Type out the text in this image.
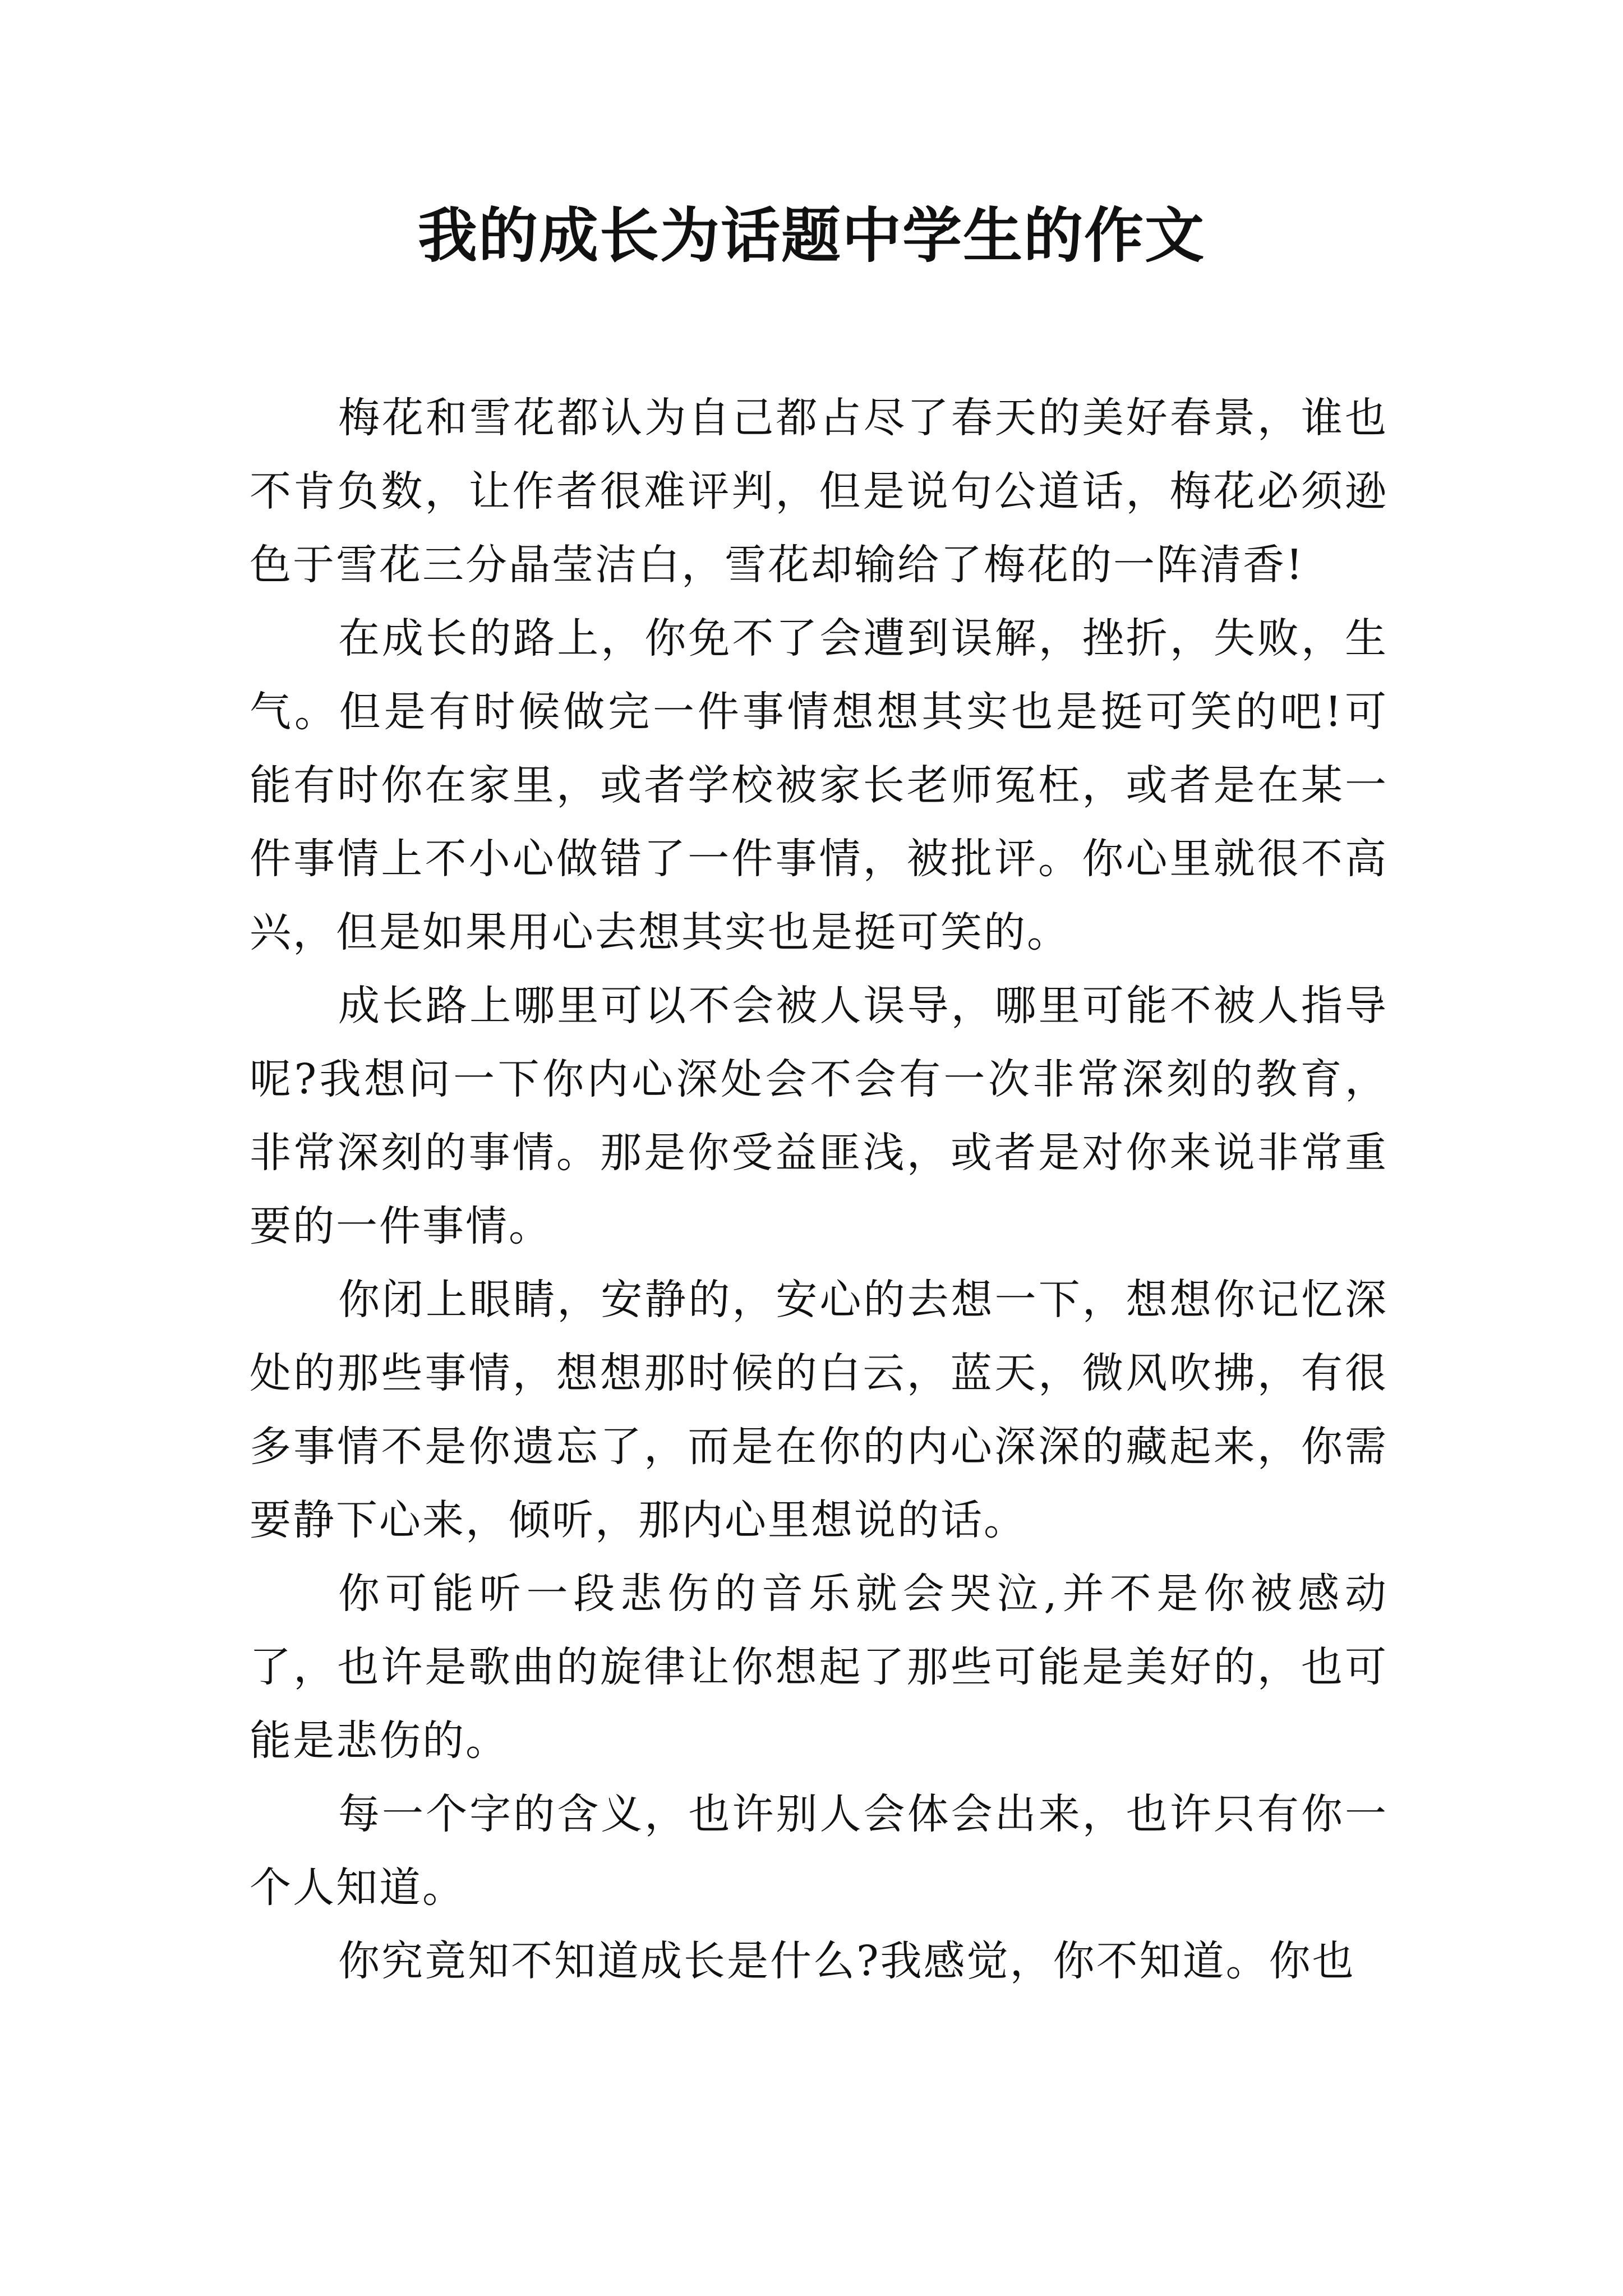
我的成长为话题中学生的作文

梅花和雪花都认为自己都占尽了春天的美好春景，谁也不肯负数，让作者很难评判，但是说句公道话，梅花必须逊色于雪花三分晶莹洁白，雪花却输给了梅花的一阵清香!

在成长的路上，你免不了会遭到误解，挫折，失败，生气。但是有时候做完一件事情想想其实也是挺可笑的吧!可能有时你在家里，或者学校被家长老师冤枉，或者是在某一件事情上不小心做错了一件事情，被批评。你心里就很不高兴，但是如果用心去想其实也是挺可笑的。

成长路上哪里可以不会被人误导，哪里可能不被人指导呢?我想问一下你内心深处会不会有一次非常深刻的教育，非常深刻的事情。那是你受益匪浅，或者是对你来说非常重要的一件事情。

你闭上眼睛，安静的，安心的去想一下，想想你记忆深处的那些事情，想想那时候的白云，蓝天，微风吹拂，有很多事情不是你遗忘了，而是在你的内心深深的藏起来，你需要静下心来，倾听，那内心里想说的话。

你可能听一段悲伤的音乐就会哭泣,并不是你被感动了，也许是歌曲的旋律让你想起了那些可能是美好的，也可能是悲伤的。

每一个字的含义，也许别人会体会出来，也许只有你一个人知道。

你究竟知不知道成长是什么?我感觉，你不知道。你也
